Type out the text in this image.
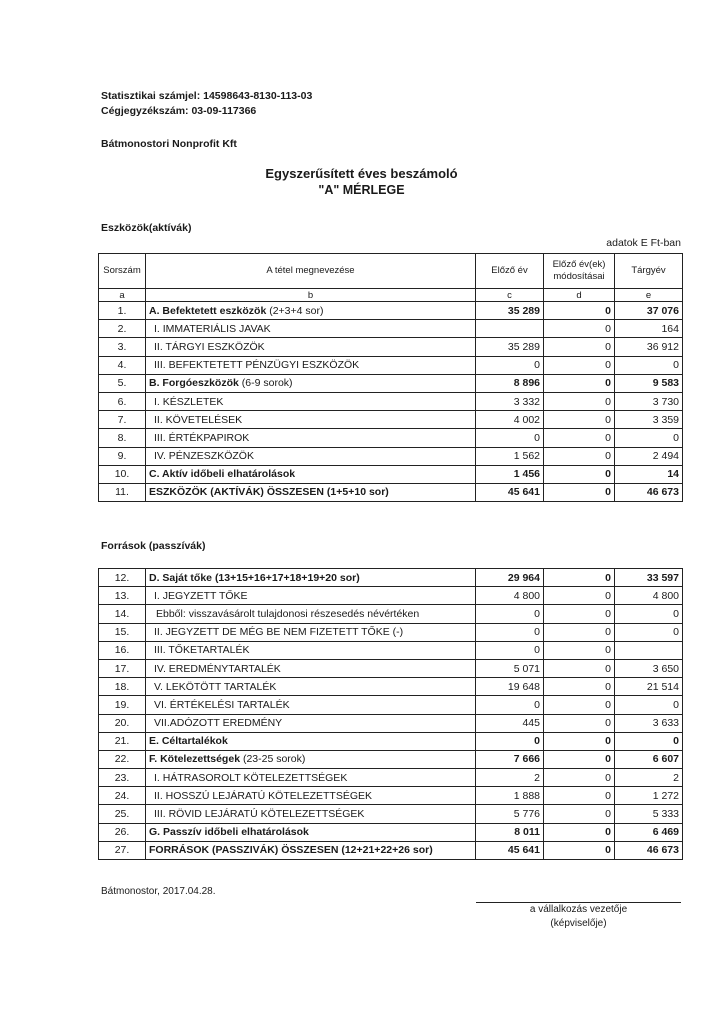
Statisztikai számjel: 14598643-8130-113-03
Cégjegyzékszám: 03-09-117366
Bátmonostori Nonprofit Kft
Egyszerűsített éves beszámoló
"A" MÉRLEGE
Eszközök(aktívák)
adatok E Ft-ban
Sorszám	A tétel megnevezése	Előző év	Előző év(ek) módosításai	Tárgyév
a	b	c	d	e
1.	A. Befektetett eszközök (2+3+4 sor)	35 289	0	37 076
2.	I. IMMATERIÁLIS JAVAK		0	164
3.	II. TÁRGYI ESZKÖZÖK	35 289	0	36 912
4.	III. BEFEKTETETT PÉNZÜGYI ESZKÖZÖK	0	0	0
5.	B. Forgóeszközök (6-9 sorok)	8 896	0	9 583
6.	I. KÉSZLETEK	3 332	0	3 730
7.	II. KÖVETELÉSEK	4 002	0	3 359
8.	III. ÉRTÉKPAPIROK	0	0	0
9.	IV. PÉNZESZKÖZÖK	1 562	0	2 494
10.	C. Aktív időbeli elhatárolások	1 456	0	14
11.	ESZKÖZÖK (AKTÍVÁK) ÖSSZESEN (1+5+10 sor)	45 641	0	46 673
Források (passzívák)
12.	D. Saját tőke (13+15+16+17+18+19+20 sor)	29 964	0	33 597
13.	I. JEGYZETT TŐKE	4 800	0	4 800
14.	Ebből: visszavásárolt tulajdonosi részesedés névértéken	0	0	0
15.	II. JEGYZETT DE MÉG BE NEM FIZETETT TŐKE (-)	0	0	0
16.	III. TŐKETARTALÉK	0	0	
17.	IV. EREDMÉNYTARTALÉK	5 071	0	3 650
18.	V. LEKÖTÖTT TARTALÉK	19 648	0	21 514
19.	VI. ÉRTÉKELÉSI TARTALÉK	0	0	0
20.	VII.ADÓZOTT EREDMÉNY	445	0	3 633
21.	E. Céltartalékok	0	0	0
22.	F. Kötelezettségek (23-25 sorok)	7 666	0	6 607
23.	I. HÁTRASOROLT KÖTELEZETTSÉGEK	2	0	2
24.	II. HOSSZÚ LEJÁRATÚ KÖTELEZETTSÉGEK	1 888	0	1 272
25.	III. RÖVID LEJÁRATÚ KÖTELEZETTSÉGEK	5 776	0	5 333
26.	G. Passzív időbeli elhatárolások	8 011	0	6 469
27.	FORRÁSOK (PASSZIVÁK) ÖSSZESEN (12+21+22+26 sor)	45 641	0	46 673
Bátmonostor, 2017.04.28.
a vállalkozás vezetője
(képviselője)
